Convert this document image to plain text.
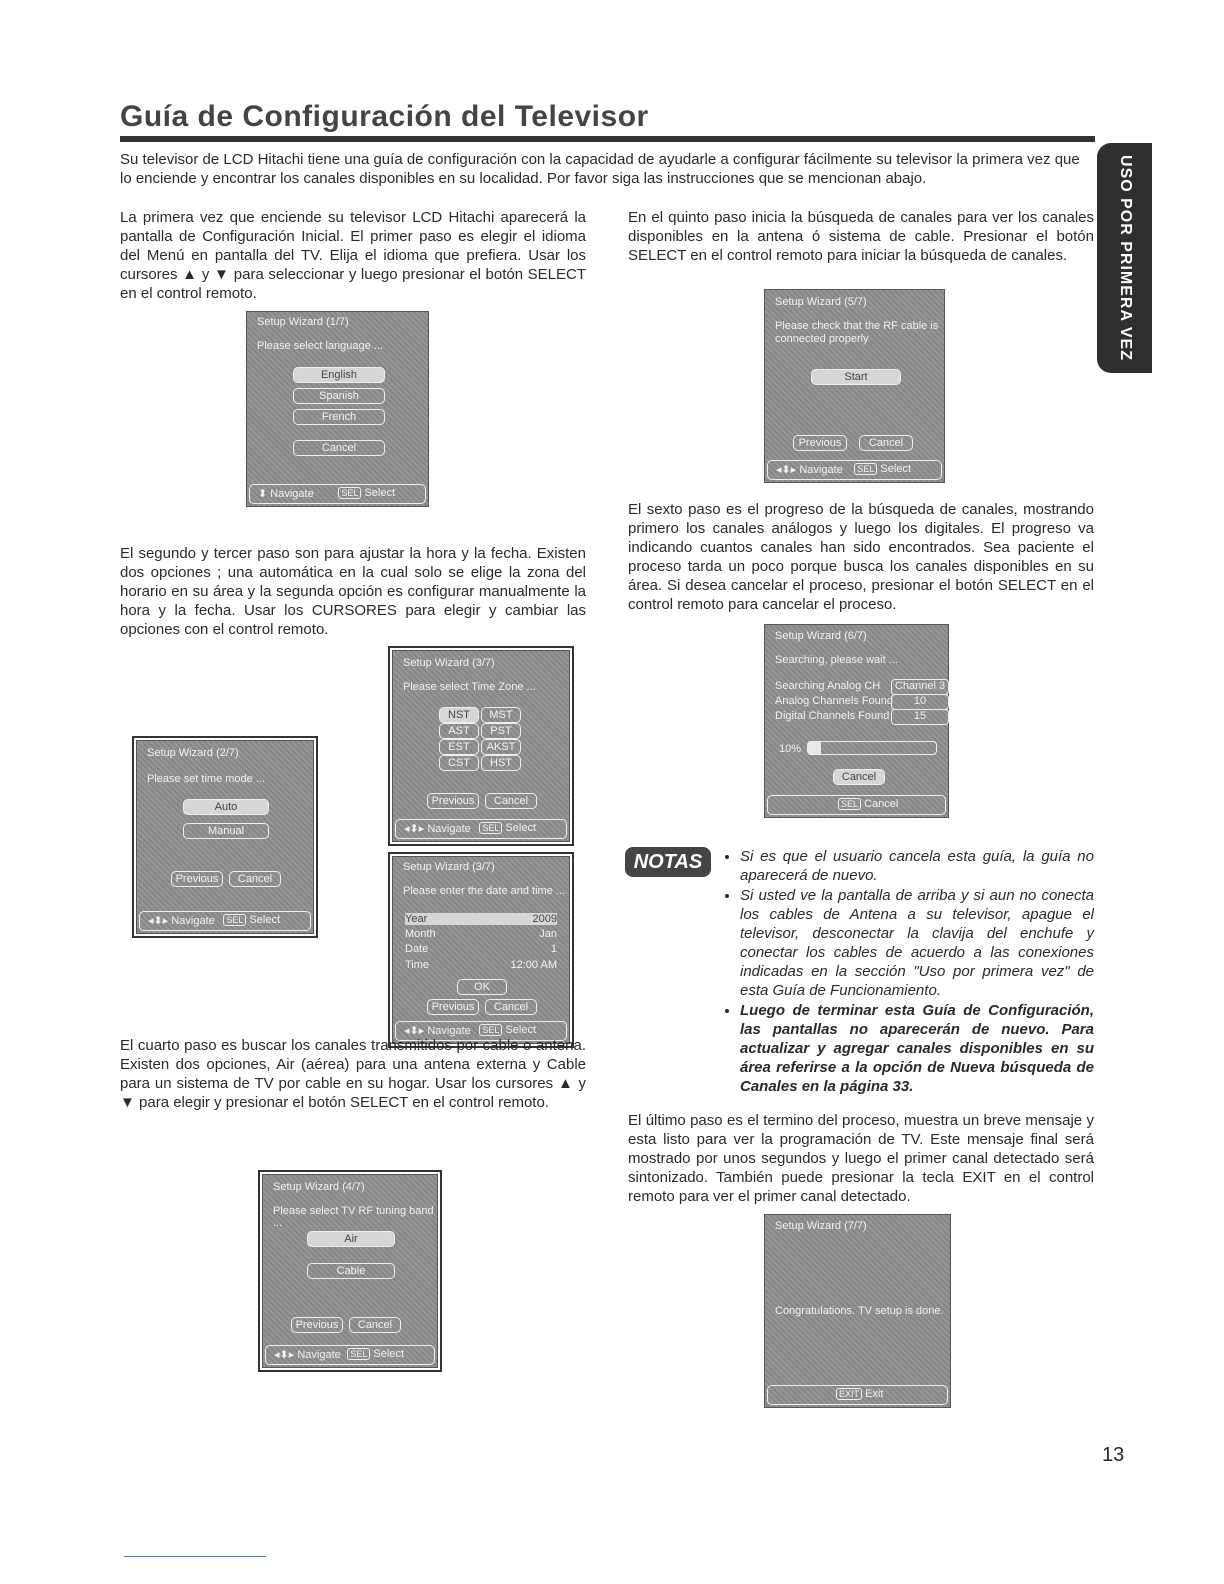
Guía de Configuración del Televisor
USO POR PRIMERA VEZ
Su televisor de LCD Hitachi tiene una guía de configuración con la capacidad de ayudarle a configurar fácilmente su televisor la primera vez que lo enciende y encontrar los canales disponibles en su localidad. Por favor siga las instrucciones que se mencionan abajo.
La primera vez que enciende su televisor LCD Hitachi aparecerá la pantalla de Configuración Inicial. El primer paso es elegir el idioma del Menú en pantalla del TV. Elija el idioma que prefiera. Usar los cursores ▲ y ▼ para seleccionar y luego presionar el botón SELECT en el control remoto.
Setup Wizard (1/7)
Please select language ...
English
Spanish
French
Cancel
⬍ Navigate	SEL Select
El segundo y tercer paso son para ajustar la hora y la fecha. Existen dos opciones ; una automática en la cual solo se elige la zona del horario en su área y la segunda opción es configurar manualmente la hora y la fecha. Usar los CURSORES para elegir y cambiar las opciones con el control remoto.
Setup Wizard (2/7)
Please set time mode ...
Auto
Manual
Previous	Cancel
◂⬍▸ Navigate	SEL Select
Setup Wizard (3/7)
Please select Time Zone ...
NST	MST
AST	PST
EST	AKST
CST	HST
Previous	Cancel
◂⬍▸ Navigate	SEL Select
Setup Wizard (3/7)
Please enter the date and time ...
Year	2009
Month	Jan
Date	1
Time	12:00 AM
OK
Previous	Cancel
◂⬍▸ Navigate	SEL Select
El cuarto paso es buscar los canales transmitidos por cable o antena. Existen dos opciones, Air (aérea) para una antena externa y Cable para un sistema de TV por cable en su hogar. Usar los cursores ▲ y ▼ para elegir y presionar el botón SELECT en el control remoto.
Setup Wizard (4/7)
Please select TV RF tuning band ...
Air
Cable
Previous	Cancel
◂⬍▸ Navigate	SEL Select
En el quinto paso inicia la búsqueda de canales para ver los canales disponibles en la antena ó sistema de cable. Presionar el botón SELECT en el control remoto para iniciar la búsqueda de canales.
Setup Wizard (5/7)
Please check that the RF cable is
connected properly
Start
Previous	Cancel
◂⬍▸ Navigate	SEL Select
El sexto paso es el progreso de la búsqueda de canales, mostrando primero los canales análogos y luego los digitales. El progreso va indicando cuantos canales han sido encontrados. Sea paciente el proceso tarda un poco porque busca los canales disponibles en su área. Si desea cancelar el proceso, presionar el botón SELECT en el control remoto para cancelar el proceso.
Setup Wizard (6/7)
Searching, please wait ...
Searching Analog CH	Channel 3
Analog Channels Found	10
Digital Channels Found	15
10%
Cancel
SEL Cancel
NOTAS	• Si es que el usuario cancela esta guía, la guía no aparecerá de nuevo.
• Si usted ve la pantalla de arriba y si aun no conecta los cables de Antena a su televisor, apague el televisor, desconectar la clavija del enchufe y conectar los cables de acuerdo a las conexiones indicadas en la sección "Uso por primera vez" de esta Guía de Funcionamiento.
• Luego de terminar esta Guía de Configuración, las pantallas no aparecerán de nuevo. Para actualizar y agregar canales disponibles en su área referirse a la opción de Nueva búsqueda de Canales en la página 33.
El último paso es el termino del proceso, muestra un breve mensaje y esta listo para ver la programación de TV. Este mensaje final será mostrado por unos segundos y luego el primer canal detectado será sintonizado. También puede presionar la tecla EXIT en el control remoto para ver el primer canal detectado.
Setup Wizard (7/7)
Congratulations. TV setup is done.
EXIT Exit
13
